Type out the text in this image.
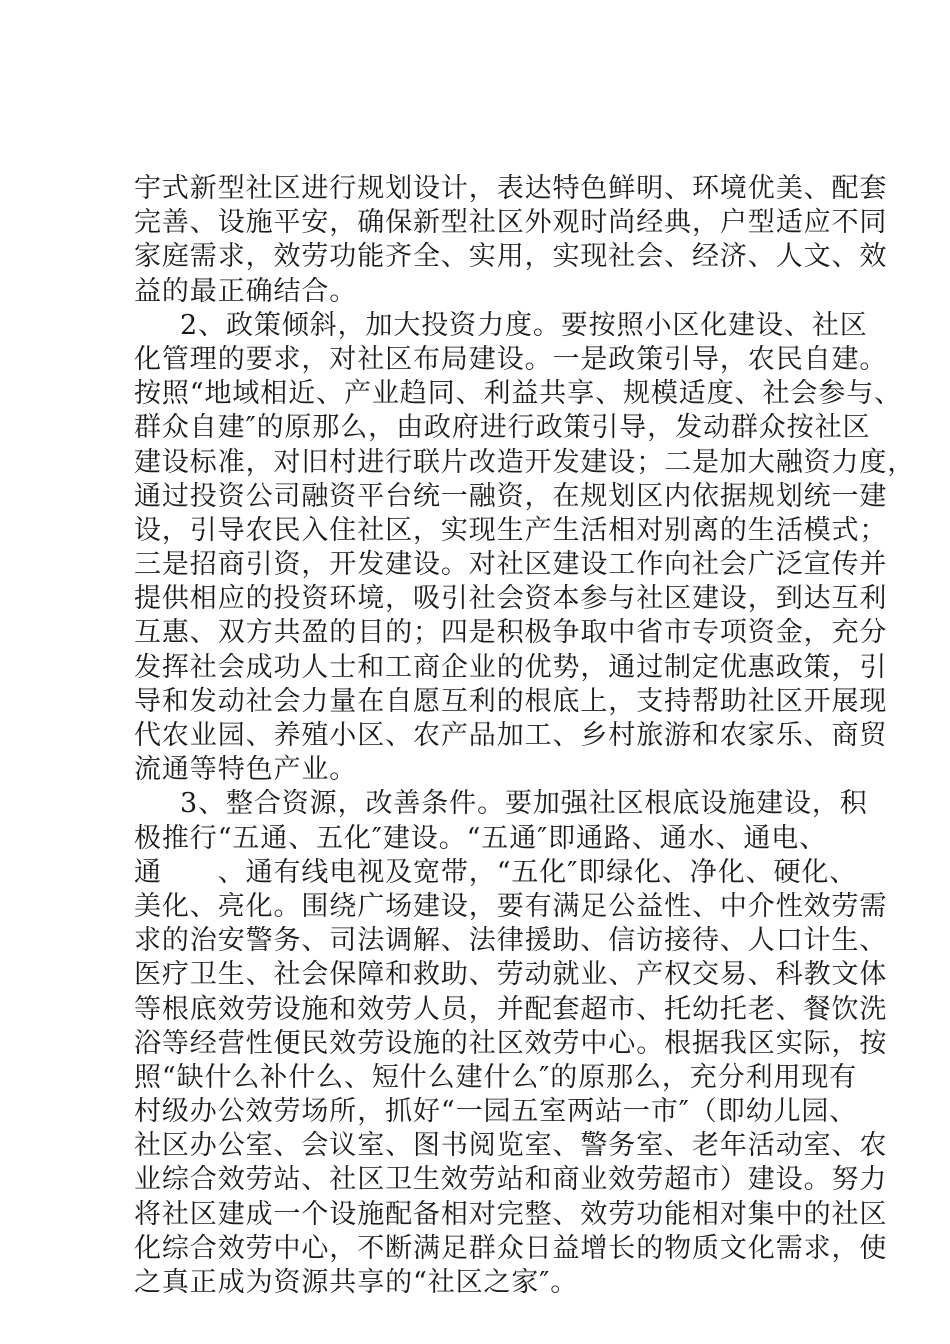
宇式新型社区进行规划设计，表达特色鲜明、环境优美、配套
完善、设施平安，确保新型社区外观时尚经典，户型适应不同
家庭需求，效劳功能齐全、实用，实现社会、经济、人文、效
益的最正确结合。
2、政策倾斜，加大投资力度。要按照小区化建设、社区
化管理的要求，对社区布局建设。一是政策引导，农民自建。
按照“地域相近、产业趋同、利益共享、规模适度、社会参与、
群众自建″的原那么，由政府进行政策引导，发动群众按社区
建设标准，对旧村进行联片改造开发建设；二是加大融资力度，
通过投资公司融资平台统一融资，在规划区内依据规划统一建
设，引导农民入住社区，实现生产生活相对别离的生活模式；
三是招商引资，开发建设。对社区建设工作向社会广泛宣传并
提供相应的投资环境，吸引社会资本参与社区建设，到达互利
互惠、双方共盈的目的；四是积极争取中省市专项资金，充分
发挥社会成功人士和工商企业的优势，通过制定优惠政策，引
导和发动社会力量在自愿互利的根底上，支持帮助社区开展现
代农业园、养殖小区、农产品加工、乡村旅游和农家乐、商贸
流通等特色产业。
3、整合资源，改善条件。要加强社区根底设施建设，积
极推行“五通、五化″建设。“五通″即通路、通水、通电、
通　　、通有线电视及宽带，“五化″即绿化、净化、硬化、
美化、亮化。围绕广场建设，要有满足公益性、中介性效劳需
求的治安警务、司法调解、法律援助、信访接待、人口计生、
医疗卫生、社会保障和救助、劳动就业、产权交易、科教文体
等根底效劳设施和效劳人员，并配套超市、托幼托老、餐饮洗
浴等经营性便民效劳设施的社区效劳中心。根据我区实际，按
照“缺什么补什么、短什么建什么″的原那么，充分利用现有
村级办公效劳场所，抓好“一园五室两站一市″（即幼儿园、
社区办公室、会议室、图书阅览室、警务室、老年活动室、农
业综合效劳站、社区卫生效劳站和商业效劳超市）建设。努力
将社区建成一个设施配备相对完整、效劳功能相对集中的社区
化综合效劳中心，不断满足群众日益增长的物质文化需求，使
之真正成为资源共享的“社区之家″。
